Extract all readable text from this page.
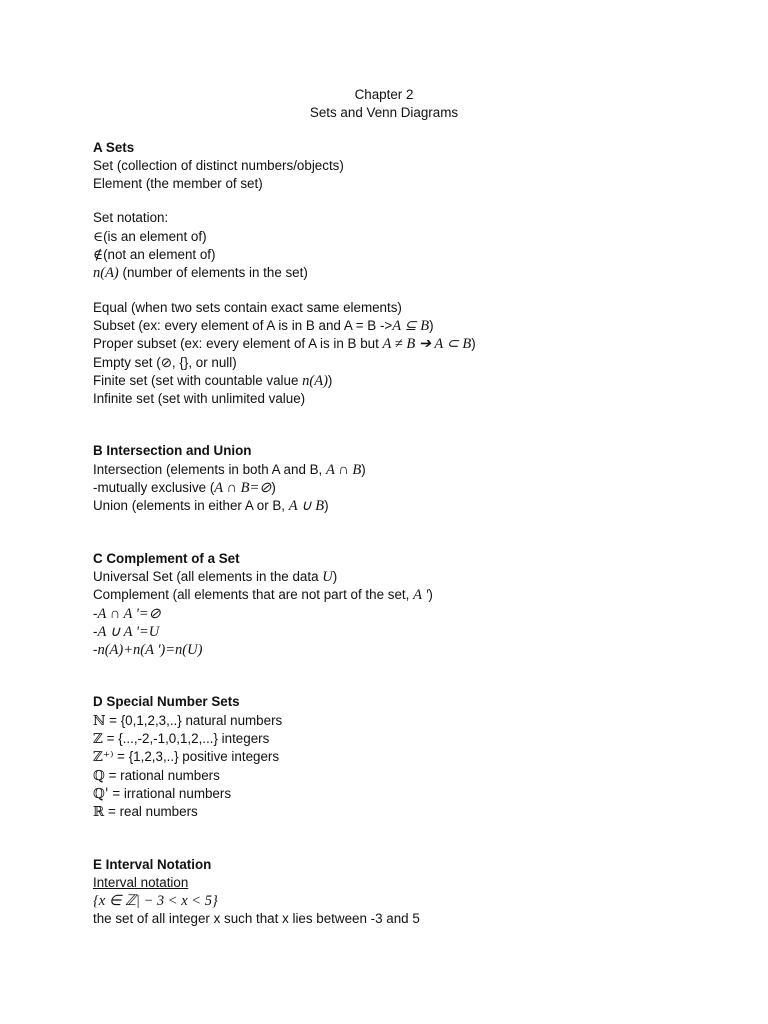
Chapter 2
Sets and Venn Diagrams
A Sets
Set (collection of distinct numbers/objects)
Element (the member of set)
Set notation:
∈(is an element of)
∉(not an element of)
n(A) (number of elements in the set)
Equal (when two sets contain exact same elements)
Subset (ex: every element of A is in B and A = B ->A ⊆ B)
Proper subset (ex: every element of A is in B but A ≠ B ➔ A ⊂ B)
Empty set (⊘, {}, or null)
Finite set (set with countable value n(A))
Infinite set (set with unlimited value)
B Intersection and Union
Intersection (elements in both A and B, A ∩ B)
-mutually exclusive (A ∩ B=⊘)
Union (elements in either A or B, A ∪ B)
C Complement of a Set
Universal Set (all elements in the data U)
Complement (all elements that are not part of the set, A ')
-A ∩ A '=⊘
-A ∪ A '=U
-n(A)+n(A ')=n(U)
D Special Number Sets
ℕ = {0,1,2,3,..} natural numbers
ℤ = {...,-2,-1,0,1,2,...} integers
ℤ⁺⁾ = {1,2,3,..} positive integers
ℚ = rational numbers
ℚ' = irrational numbers
ℝ = real numbers
E Interval Notation
Interval notation
{x ∈ ℤ| − 3 < x < 5}
the set of all integer x such that x lies between -3 and 5
